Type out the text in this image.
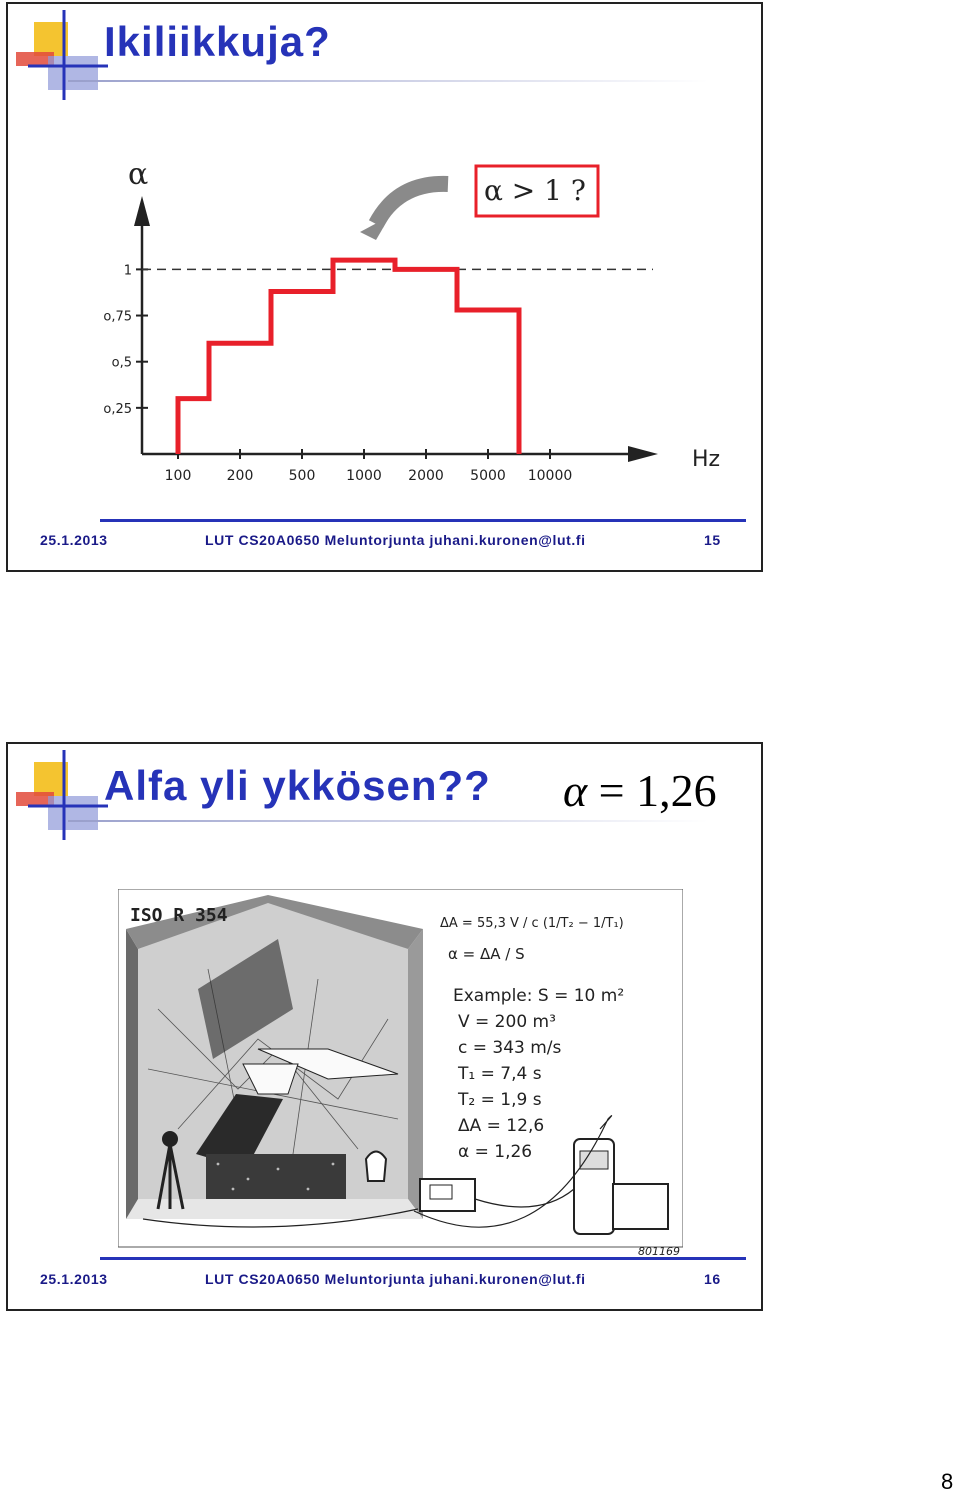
Ikiliikkuja?
α
Hz
1
o,75
o,5
o,25
100	200	500 1000 2000 5000 10000
α > 1 ?
25.1.2013	LUT CS20A0650 Meluntorjunta juhani.kuronen@lut.fi	15
Alfa yli ykkösen?? α = 1,26
ISO R 354	ΔA = 55,3 V / c (1/T₂ − 1/T₁)
α = ΔA / S
Example: S = 10 m²
V = 200 m³
c = 343 m/s
T₁ = 7,4 s
T₂ = 1,9 s
ΔA = 12,6
α = 1,26
801169
25.1.2013	LUT CS20A0650 Meluntorjunta juhani.kuronen@lut.fi	16
8
